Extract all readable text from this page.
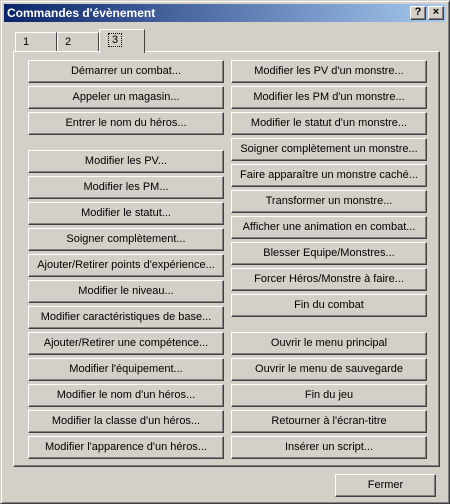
Commandes d'évènement	?	×
1	2	3
Démarrer un combat...
Appeler un magasin...
Entrer le nom du héros...
Modifier les PV...
Modifier les PM...
Modifier le statut...
Soigner complètement...
Ajouter/Retirer points d'expérience...
Modifier le niveau...
Modifier caractéristiques de base...
Ajouter/Retirer une compétence...
Modifier l'équipement...
Modifier le nom d'un héros...
Modifier la classe d'un héros...
Modifier l'apparence d'un héros...
Modifier les PV d'un monstre...
Modifier les PM d'un monstre...
Modifier le statut d'un monstre...
Soigner complètement un monstre...
Faire apparaître un monstre caché...
Transformer un monstre...
Afficher une animation en combat...
Blesser Equipe/Monstres...
Forcer Héros/Monstre à faire...
Fin du combat
Ouvrir le menu principal
Ouvrir le menu de sauvegarde
Fin du jeu
Retourner à l'écran-titre
Insérer un script...
Fermer
